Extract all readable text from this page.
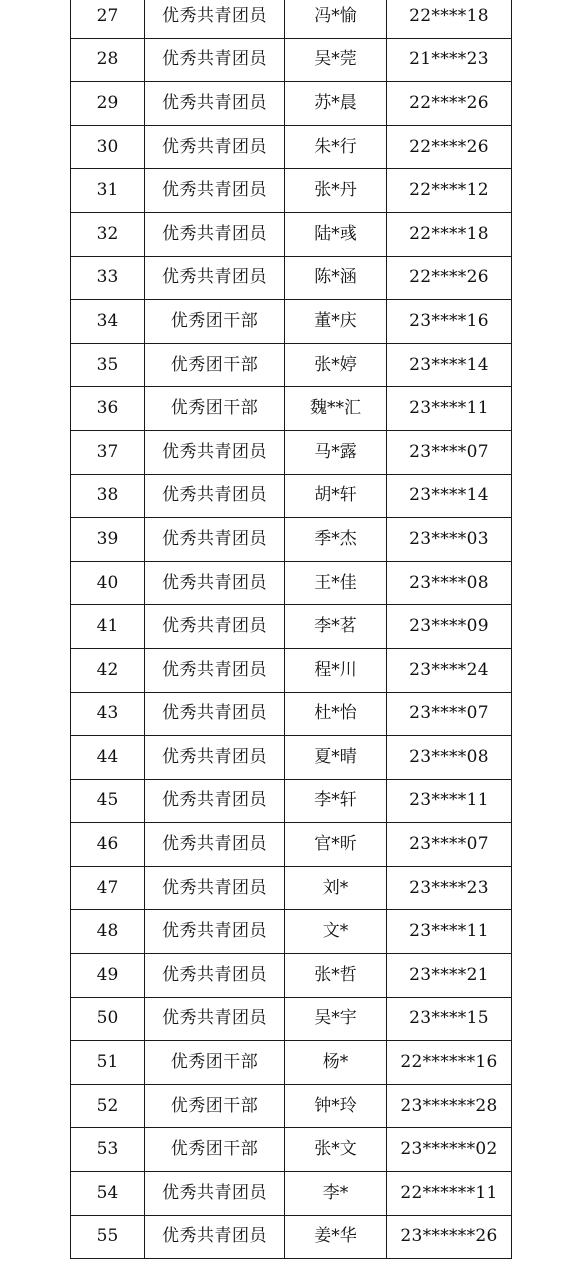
27	优秀共青团员	冯*愉	22****18
28	优秀共青团员	吴*莞	21****23
29	优秀共青团员	苏*晨	22****26
30	优秀共青团员	朱*行	22****26
31	优秀共青团员	张*丹	22****12
32	优秀共青团员	陆*彧	22****18
33	优秀共青团员	陈*涵	22****26
34	优秀团干部	董*庆	23****16
35	优秀团干部	张*婷	23****14
36	优秀团干部	魏**汇	23****11
37	优秀共青团员	马*露	23****07
38	优秀共青团员	胡*轩	23****14
39	优秀共青团员	季*杰	23****03
40	优秀共青团员	王*佳	23****08
41	优秀共青团员	李*茗	23****09
42	优秀共青团员	程*川	23****24
43	优秀共青团员	杜*怡	23****07
44	优秀共青团员	夏*晴	23****08
45	优秀共青团员	李*轩	23****11
46	优秀共青团员	官*昕	23****07
47	优秀共青团员	刘*	23****23
48	优秀共青团员	文*	23****11
49	优秀共青团员	张*哲	23****21
50	优秀共青团员	吴*宇	23****15
51	优秀团干部	杨*	22******16
52	优秀团干部	钟*玲	23******28
53	优秀团干部	张*文	23******02
54	优秀共青团员	李*	22******11
55	优秀共青团员	姜*华	23******26
